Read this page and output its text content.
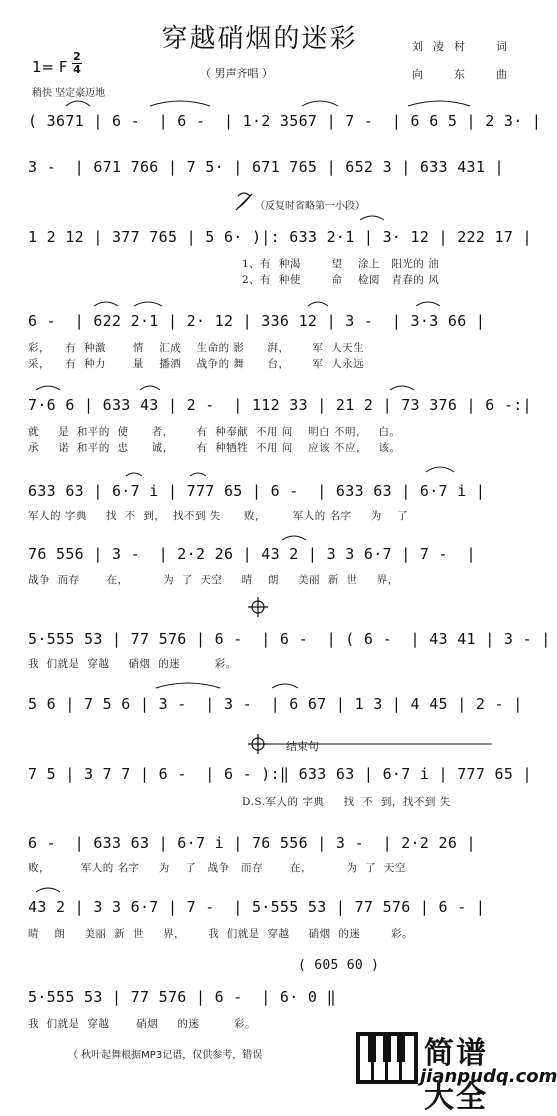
穿越硝烟的迷彩	刘凌村　词
向　东　曲
1= F
2
4	（ 男声齐唱 ）
稍快 坚定豪迈地
( 3671 | 6 -  | 6 -  | 1·2 3567 | 7 -  | 6 6 5 | 2 3· |
3 -  | 671 766 | 7 5· | 671 765 | 652 3 | 633 431 |
（反复时省略第一小段）
1 2 12 | 377 765 | 5 6· )|: 633 2·1 | 3· 12 | 222 17 |
1、有  种渴        望    涂上   阳光的 油
2、有  种使        命    检阅   青春的 风
6 -  | 622 2·1 | 2· 12 | 336 12 | 3 -  | 3·3 66 |
彩，    有  种激       情    汇成    生命的 影      湃，      军  人天生
采，    有  种力       量    播洒    战争的 舞      台，      军  人永远
7·6 6 | 633 43 | 2 -  | 112 33 | 21 2 | 73 376 | 6 -:|
就     是  和平的  使      者，      有  种奉献  不用 问    明白 不明，   白。
承     诺  和平的  忠      诚，      有  种牺牲  不用 问    应该 不应，   该。
633 63 | 6·7 i | 777 65 | 6 -  | 633 63 | 6·7 i |
军人的 字典     找  不  到，  找不到 失      败，       军人的 名字     为    了
76 556 | 3 -  | 2·2 26 | 43 2 | 3 3 6·7 | 7 -  |
战争  而存       在，         为  了  天空     晴    朗     美丽  新  世     界，
5·555 53 | 77 576 | 6 -  | 6 -  | ( 6 -  | 43 41 | 3 - |
我  们就是  穿越     硝烟  的迷         彩。
5 6 | 7 5 6 | 3 -  | 3 -  | 6 67 | 1 3 | 4 45 | 2 - |
结束句
7 5 | 3 7 7 | 6 -  | 6 - ):‖ 633 63 | 6·7 i | 777 65 |
D.S.军人的 字典     找  不  到，找不到 失
6 -  | 633 63 | 6·7 i | 76 556 | 3 -  | 2·2 26 |
败，        军人的 名字     为    了   战争   而存       在，         为  了  天空
43 2 | 3 3 6·7 | 7 -  | 5·555 53 | 77 576 | 6 - |
晴    朗     美丽  新  世     界，      我  们就是  穿越     硝烟  的迷        彩。
( 605 60 )
5·555 53 | 77 576 | 6 -  | 6· 0 ‖
我  们就是  穿越       硝烟     的迷         彩。
（ 秋叶起舞根据MP3记谱，仅供参考，错误	简谱大全
jianpudq.com
